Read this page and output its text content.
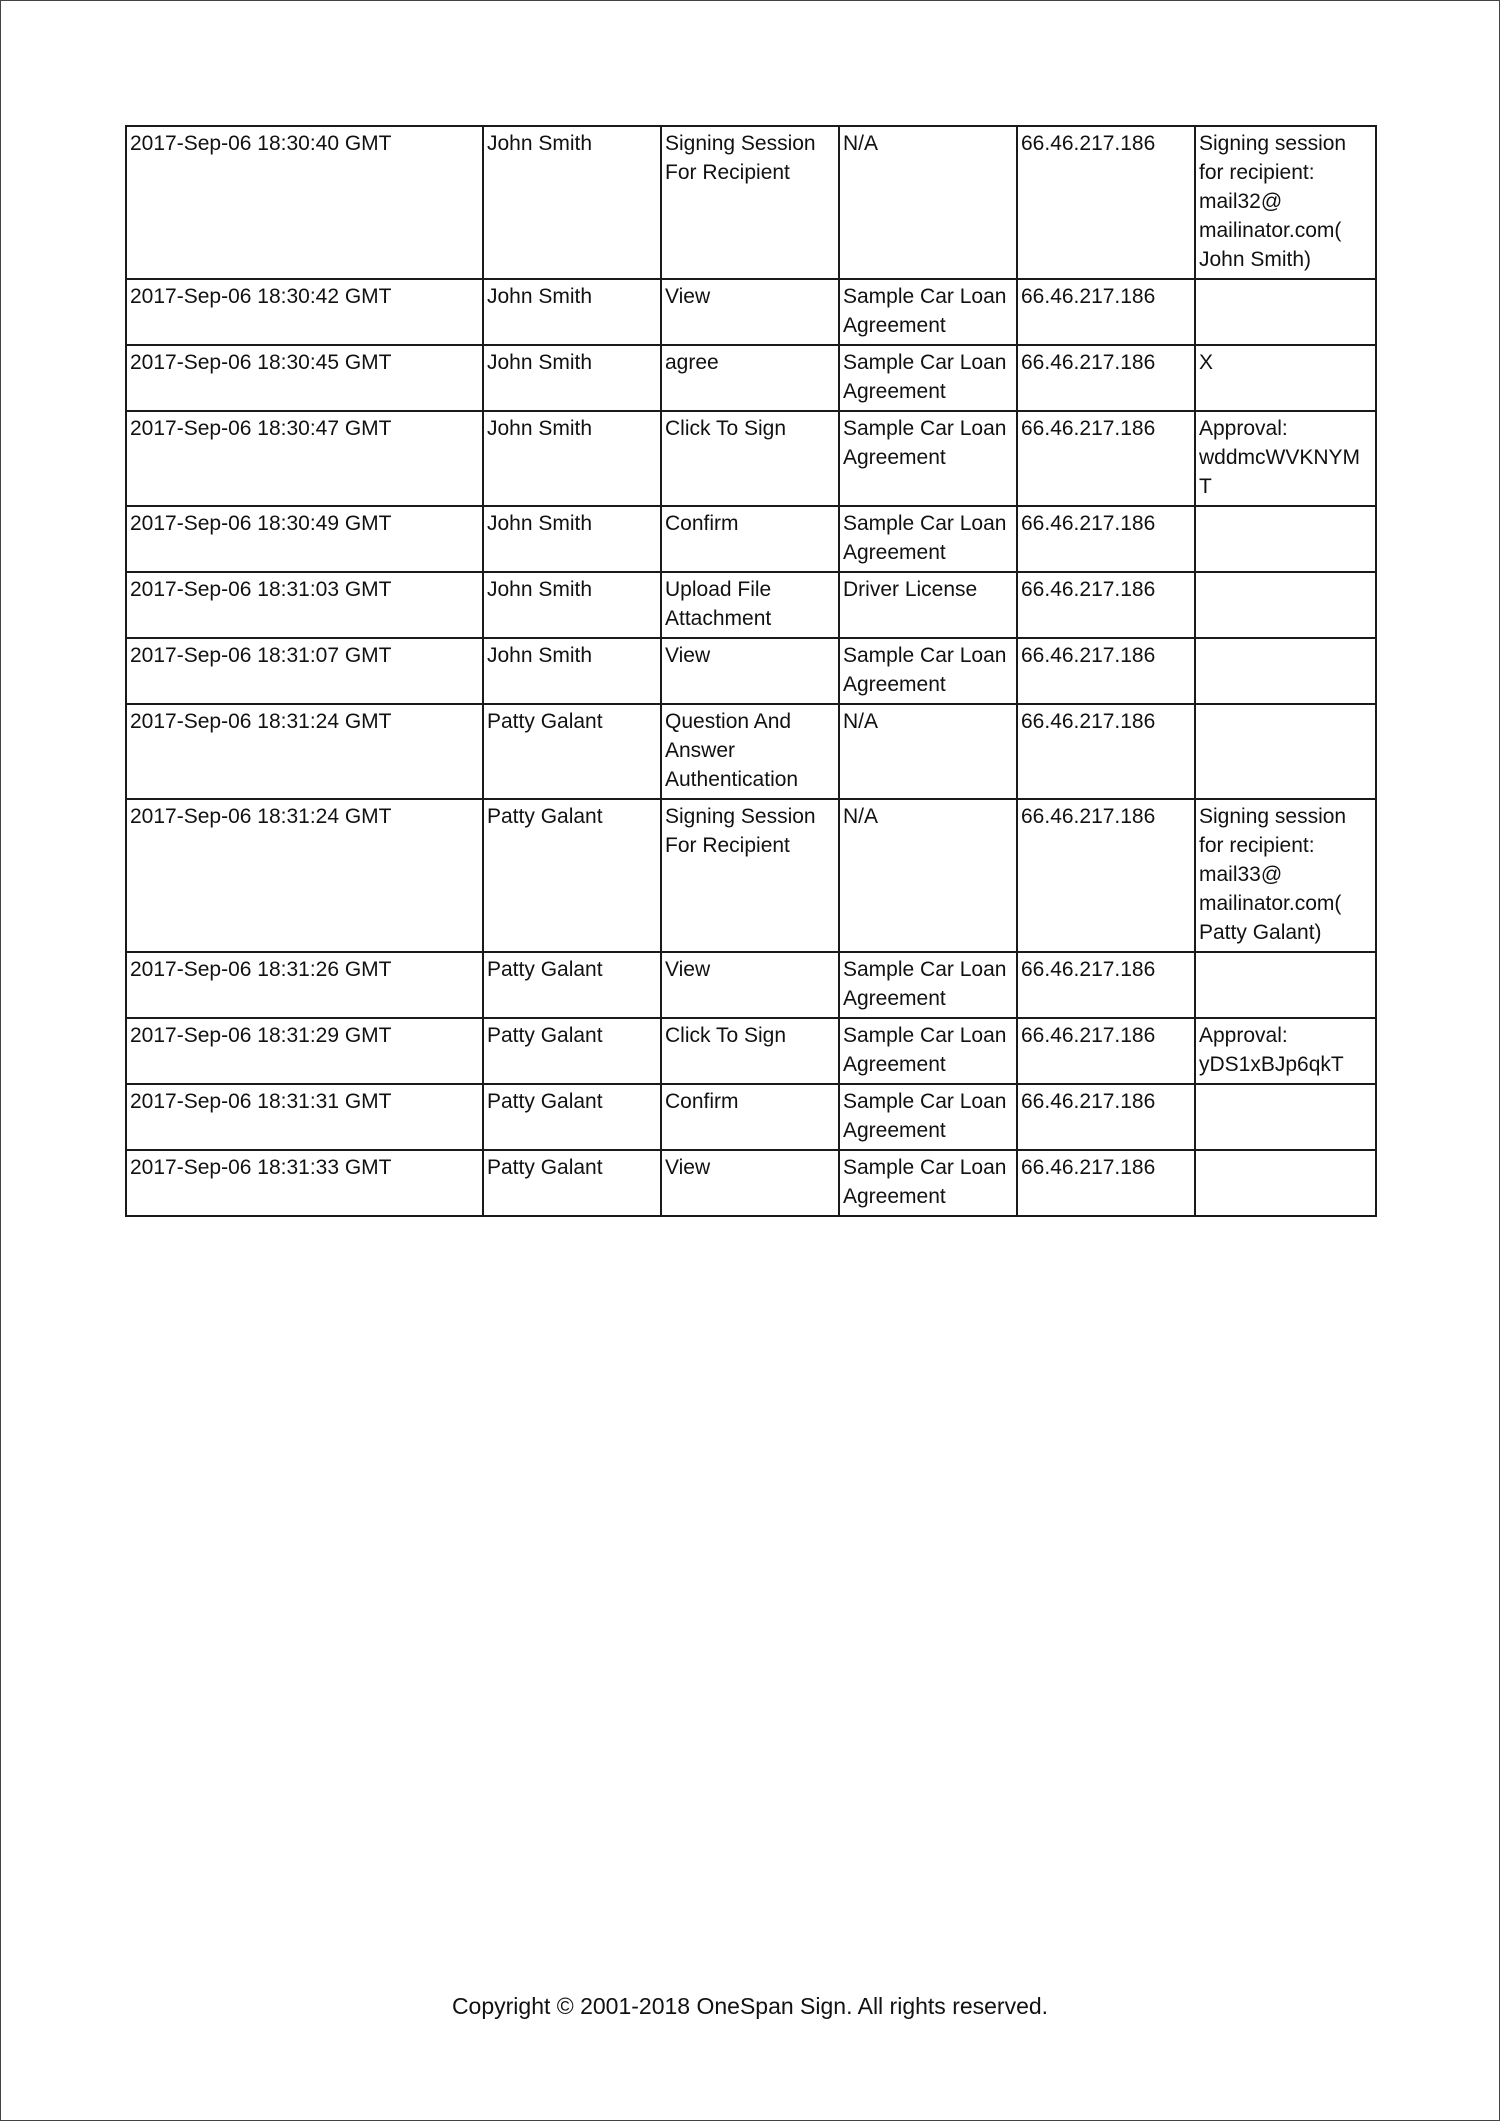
2017-Sep-06 18:30:40 GMT	John Smith	Signing Session For Recipient	N/A	66.46.217.186	Signing session for recipient: mail32@
mailinator.com(
John Smith)
2017-Sep-06 18:30:42 GMT	John Smith	View	Sample Car Loan Agreement	66.46.217.186	
2017-Sep-06 18:30:45 GMT	John Smith	agree	Sample Car Loan Agreement	66.46.217.186	X
2017-Sep-06 18:30:47 GMT	John Smith	Click To Sign	Sample Car Loan Agreement	66.46.217.186	Approval:
wddmcWVKNYMT
2017-Sep-06 18:30:49 GMT	John Smith	Confirm	Sample Car Loan Agreement	66.46.217.186	
2017-Sep-06 18:31:03 GMT	John Smith	Upload File Attachment	Driver License	66.46.217.186	
2017-Sep-06 18:31:07 GMT	John Smith	View	Sample Car Loan Agreement	66.46.217.186	
2017-Sep-06 18:31:24 GMT	Patty Galant	Question And Answer Authentication	N/A	66.46.217.186	
2017-Sep-06 18:31:24 GMT	Patty Galant	Signing Session For Recipient	N/A	66.46.217.186	Signing session for recipient: mail33@
mailinator.com(
Patty Galant)
2017-Sep-06 18:31:26 GMT	Patty Galant	View	Sample Car Loan Agreement	66.46.217.186	
2017-Sep-06 18:31:29 GMT	Patty Galant	Click To Sign	Sample Car Loan Agreement	66.46.217.186	Approval:
yDS1xBJp6qkT
2017-Sep-06 18:31:31 GMT	Patty Galant	Confirm	Sample Car Loan Agreement	66.46.217.186	
2017-Sep-06 18:31:33 GMT	Patty Galant	View	Sample Car Loan Agreement	66.46.217.186	
Copyright © 2001-2018 OneSpan Sign. All rights reserved.
